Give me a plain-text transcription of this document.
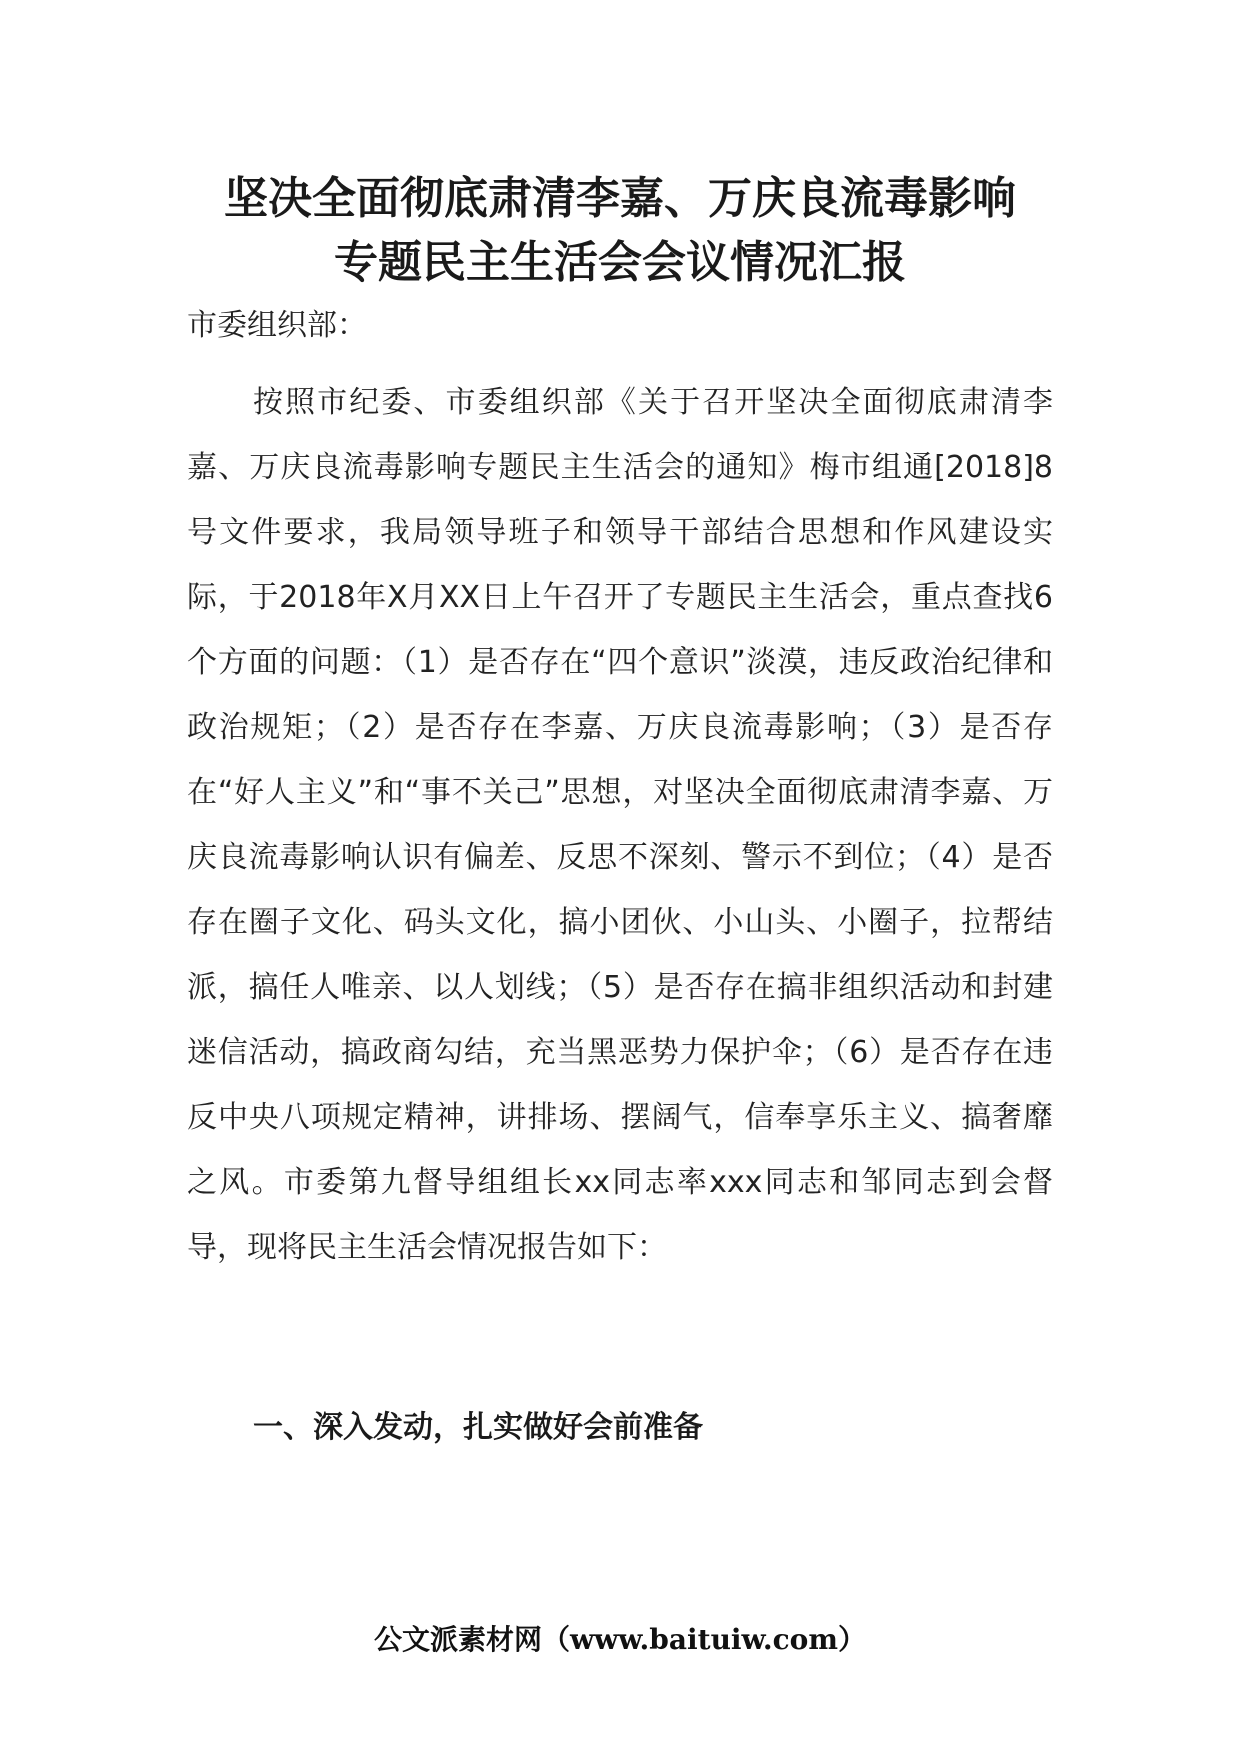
坚决全面彻底肃清李嘉、万庆良流毒影响
专题民主生活会会议情况汇报

市委组织部：

按照市纪委、市委组织部《关于召开坚决全面彻底肃清李嘉、万庆良流毒影响专题民主生活会的通知》梅市组通[2018]8号文件要求，我局领导班子和领导干部结合思想和作风建设实际，于2018年X月XX日上午召开了专题民主生活会，重点查找6个方面的问题：（1）是否存在“四个意识”淡漠，违反政治纪律和政治规矩；（2）是否存在李嘉、万庆良流毒影响；（3）是否存在“好人主义”和“事不关己”思想，对坚决全面彻底肃清李嘉、万庆良流毒影响认识有偏差、反思不深刻、警示不到位；（4）是否存在圈子文化、码头文化，搞小团伙、小山头、小圈子，拉帮结派，搞任人唯亲、以人划线；（5）是否存在搞非组织活动和封建迷信活动，搞政商勾结，充当黑恶势力保护伞；（6）是否存在违反中央八项规定精神，讲排场、摆阔气，信奉享乐主义、搞奢靡之风。市委第九督导组组长xx同志率xxx同志和邹同志到会督导，现将民主生活会情况报告如下：

一、深入发动，扎实做好会前准备

公文派素材网（www.baituiw.com）
